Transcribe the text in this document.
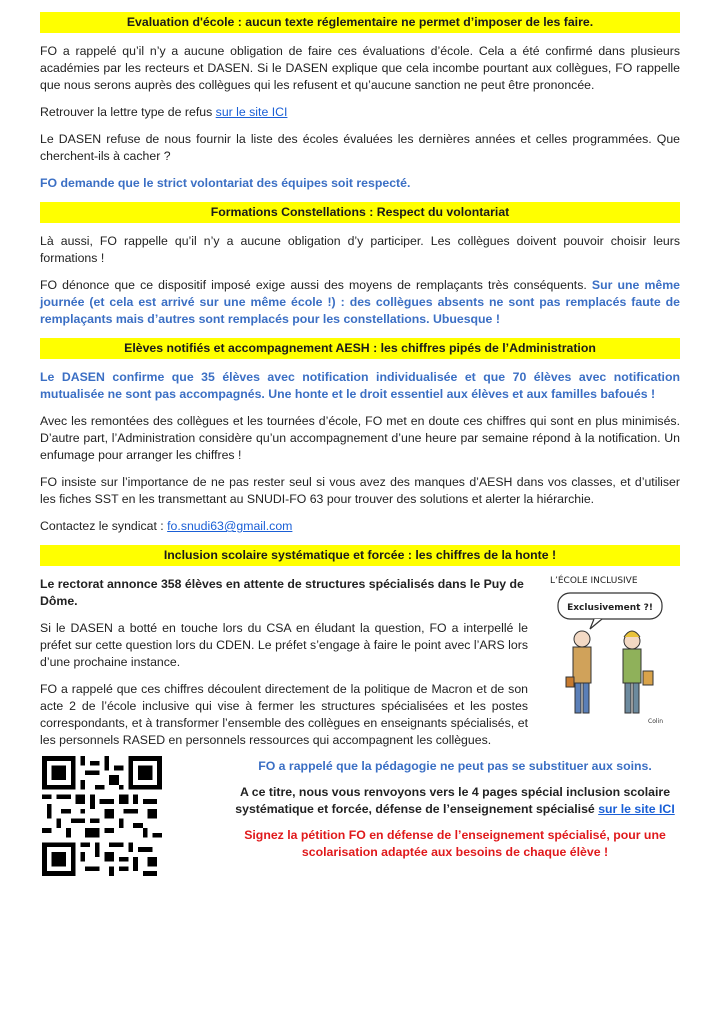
Evaluation d'école : aucun texte réglementaire ne permet d’imposer de les faire.

FO a rappelé qu’il n’y a aucune obligation de faire ces évaluations d’école. Cela a été confirmé dans plusieurs académies par les recteurs et DASEN. Si le DASEN explique que cela incombe pourtant aux collègues, FO rappelle que nous serons auprès des collègues qui les refusent et qu’aucune sanction ne peut être prononcée.

Retrouver la lettre type de refus sur le site ICI

Le DASEN refuse de nous fournir la liste des écoles évaluées les dernières années et celles programmées. Que cherchent-ils à cacher ?

FO demande que le strict volontariat des équipes soit respecté.

Formations Constellations : Respect du volontariat

Là aussi, FO rappelle qu’il n’y a aucune obligation d’y participer. Les collègues doivent pouvoir choisir leurs formations !

FO dénonce que ce dispositif imposé exige aussi des moyens de remplaçants très conséquents. Sur une même journée (et cela est arrivé sur une même école !) : des collègues absents ne sont pas remplacés faute de remplaçants mais d’autres sont remplacés pour les constellations. Ubuesque !

Elèves notifiés et accompagnement AESH : les chiffres pipés de l’Administration

Le DASEN confirme que 35 élèves avec notification individualisée et que 70 élèves avec notification mutualisée ne sont pas accompagnés. Une honte et le droit essentiel aux élèves et aux familles bafoués !

Avec les remontées des collègues et les tournées d’école, FO met en doute ces chiffres qui sont en plus minimisés. D’autre part, l’Administration considère qu’un accompagnement d’une heure par semaine répond à la notification. Un enfumage pour arranger les chiffres !

FO insiste sur l’importance de ne pas rester seul si vous avez des manques d’AESH dans vos classes, et d’utiliser les fiches SST en les transmettant au SNUDI-FO 63 pour trouver des solutions et alerter la hiérarchie.

Contactez le syndicat : fo.snudi63@gmail.com

Inclusion scolaire systématique et forcée : les chiffres de la honte !

Le rectorat annonce 358 élèves en attente de structures spécialisés dans le Puy de Dôme.

Si le DASEN a botté en touche lors du CSA en éludant la question, FO a interpellé le préfet sur cette question lors du CDEN. Le préfet s’engage à faire le point avec l’ARS lors d’une prochaine instance.

FO a rappelé que ces chiffres découlent directement de la politique de Macron et de son acte 2 de l’école inclusive qui vise à fermer les structures spécialisées et les postes correspondants, et à transformer l’ensemble des collègues en enseignants spécialisés, et les personnels RASED en personnels ressources qui accompagnent les collègues.

L’ÉCOLE INCLUSIVE
Exclusivement ?!
Colin

FO a rappelé que la pédagogie ne peut pas se substituer aux soins.

A ce titre, nous vous renvoyons vers le 4 pages spécial inclusion scolaire systématique et forcée, défense de l’enseignement spécialisé sur le site ICI

Signez la pétition FO en défense de l’enseignement spécialisé, pour une scolarisation adaptée aux besoins de chaque élève !
